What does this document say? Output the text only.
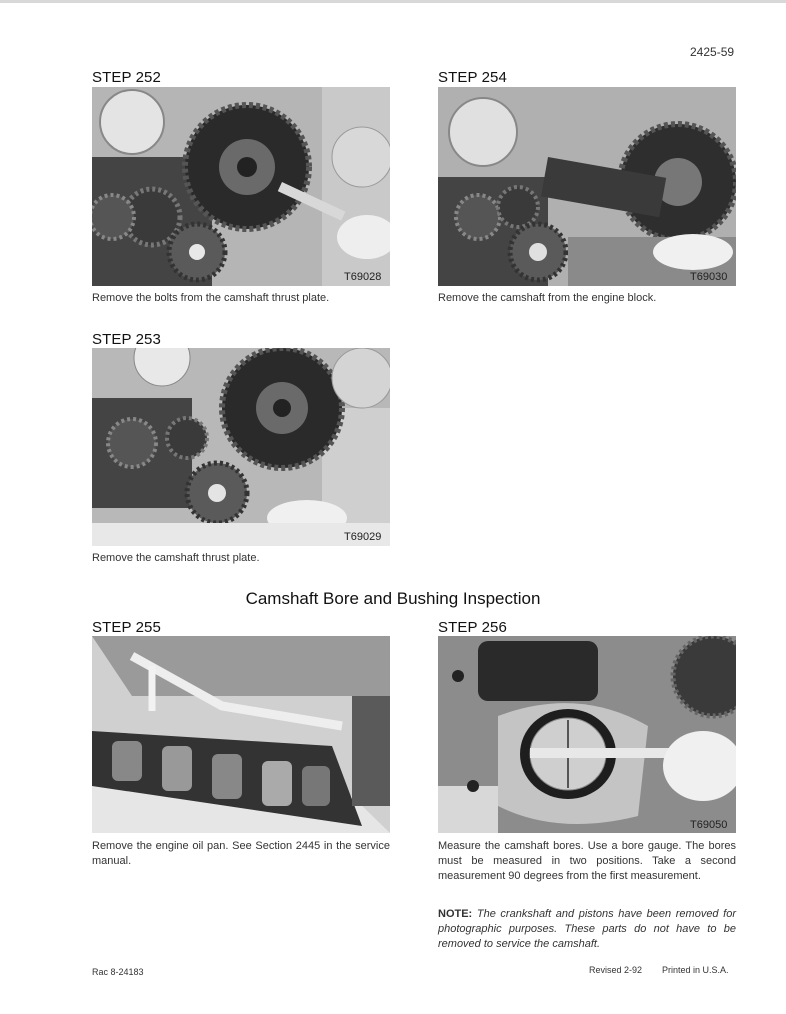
2425-59
STEP 252
T69028
Remove the bolts from the camshaft thrust plate.
STEP 254
T69030
Remove the camshaft from the engine block.
STEP 253
T69029
Remove the camshaft thrust plate.
Camshaft Bore and Bushing Inspection
STEP 255
Remove the engine oil pan. See Section 2445 in the service manual.
STEP 256
T69050
Measure the camshaft bores. Use a bore gauge. The bores must be measured in two positions. Take a second measurement 90 degrees from the first measurement.
NOTE: The crankshaft and pistons have been removed for photographic purposes. These parts do not have to be removed to service the camshaft.
Rac 8-24183	Revised 2-92 Printed in U.S.A.
